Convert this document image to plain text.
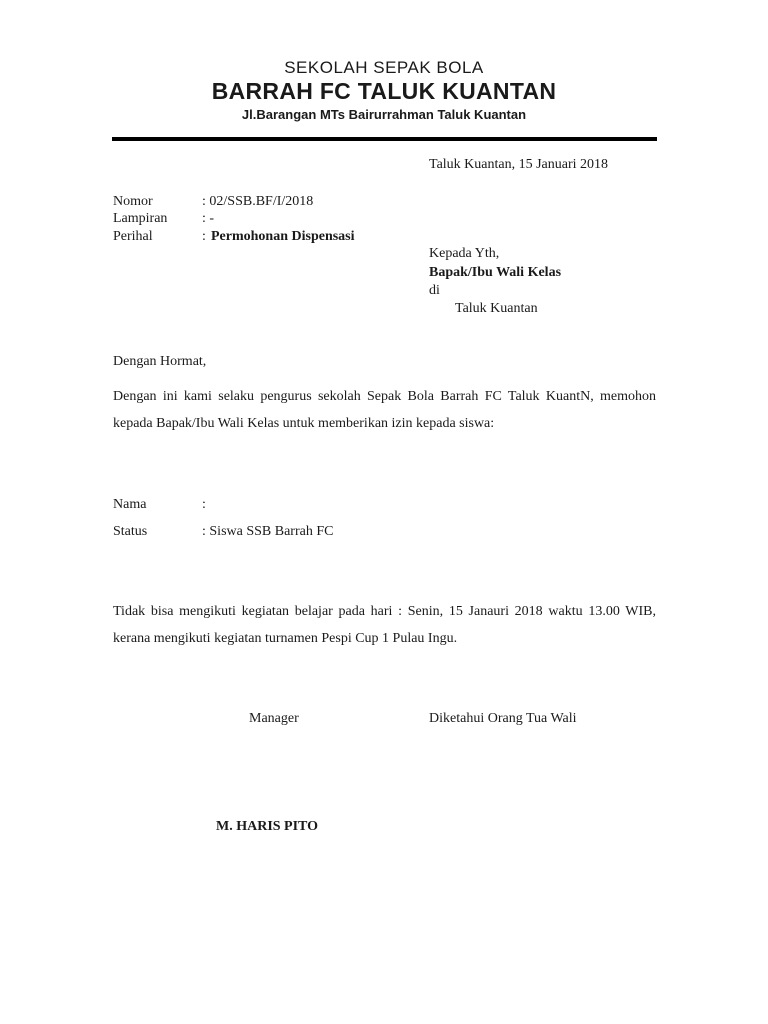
SEKOLAH SEPAK BOLA
BARRAH FC TALUK KUANTAN
Jl.Barangan MTs Bairurrahman Taluk Kuantan
Taluk Kuantan, 15 Januari 2018
Nomor	: 02/SSB.BF/I/2018
Lampiran : -
Perihal	: Permohonan Dispensasi
Kepada Yth,
Bapak/Ibu Wali Kelas
di
Taluk Kuantan
Dengan Hormat,
Dengan ini kami selaku pengurus sekolah Sepak Bola Barrah FC Taluk KuantN, memohon kepada Bapak/Ibu Wali Kelas untuk memberikan izin kepada siswa:
Nama	:
Status	: Siswa SSB Barrah FC
Tidak bisa mengikuti kegiatan belajar pada hari : Senin, 15 Janauri 2018 waktu 13.00 WIB, kerana mengikuti kegiatan turnamen Pespi Cup 1 Pulau Ingu.
Manager	Diketahui Orang Tua Wali
M. HARIS PITO
